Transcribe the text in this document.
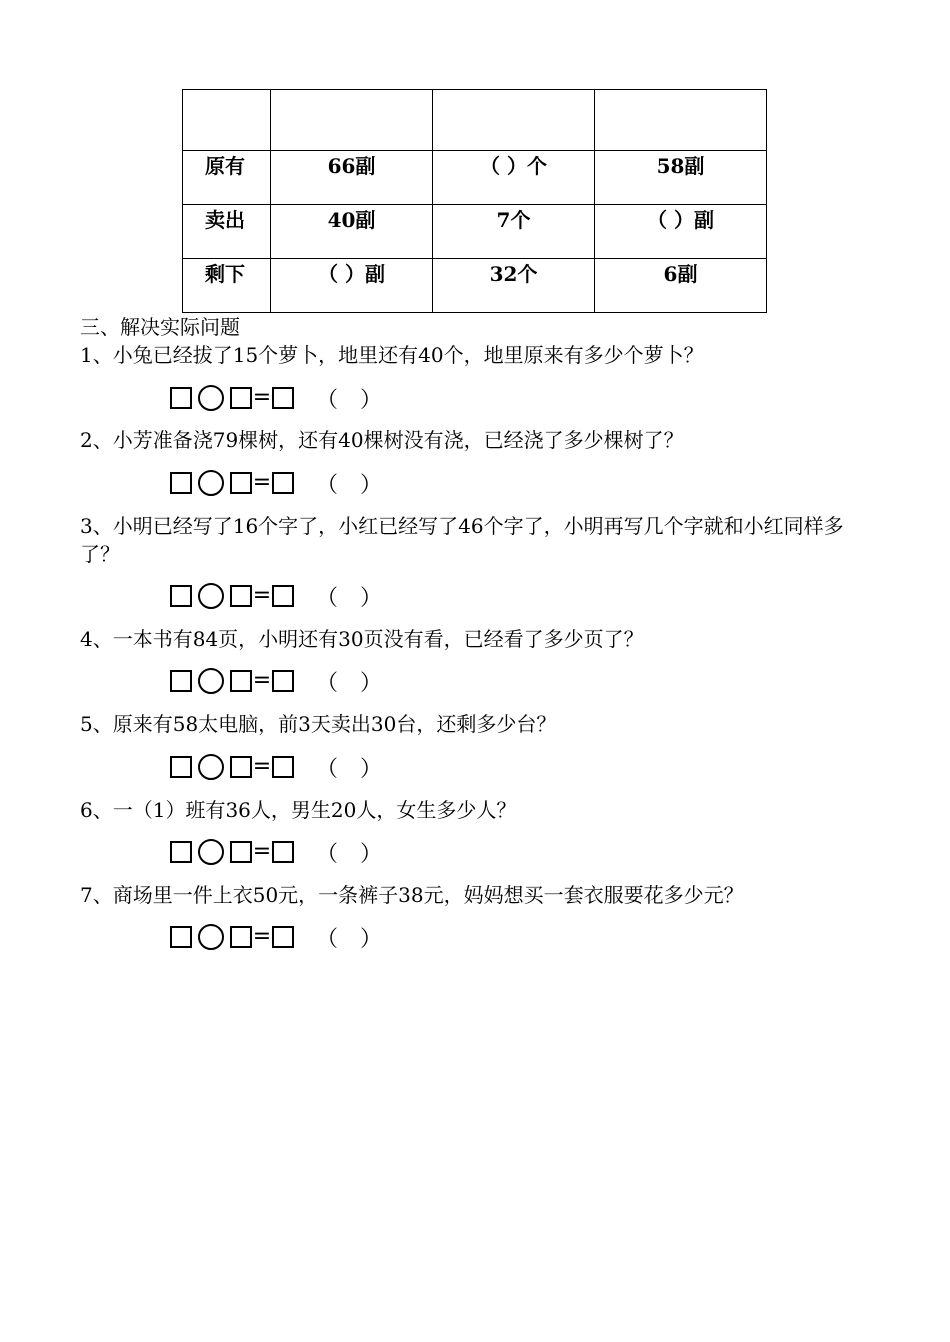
原有	66副	（ ）个	58副
卖出	40副	7个	（ ）副
剩下	（ ）副	32个	6副
三、解决实际问题
1、小兔已经拔了15个萝卜，地里还有40个，地里原来有多少个萝卜？
= （　）
2、小芳准备浇79棵树，还有40棵树没有浇，已经浇了多少棵树了？
= （　）
3、小明已经写了16个字了，小红已经写了46个字了，小明再写几个字就和小红同样多了？
= （　）
4、一本书有84页，小明还有30页没有看，已经看了多少页了？
= （　）
5、原来有58太电脑，前3天卖出30台，还剩多少台？
= （　）
6、一（1）班有36人，男生20人，女生多少人？
= （　）
7、商场里一件上衣50元，一条裤子38元，妈妈想买一套衣服要花多少元？
= （　）
